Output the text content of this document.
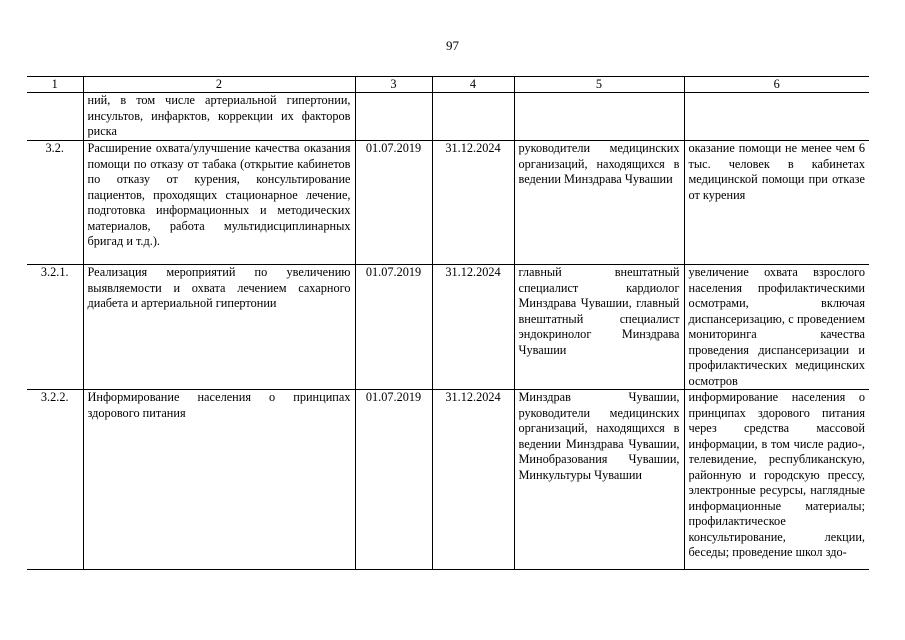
97
1	2	3	4	5	6
	ний, в том числе артериальной гипертонии, инсультов, инфарктов, коррекции их факторов риска				
3.2.	Расширение охвата/улучшение качества оказания помощи по отказу от табака (открытие кабинетов по отказу от курения, консультирование пациентов, проходящих стационарное лечение, подготовка информационных и методических материалов, работа мультидисциплинарных бригад и т.д.).	01.07.2019	31.12.2024	руководители медицинских организаций, находящихся в ведении Минздрава Чувашии	оказание помощи не менее чем 6 тыс. человек в кабинетах медицинской помощи при отказе от курения
3.2.1.	Реализация мероприятий по увеличению выявляемости и охвата лечением сахарного диабета и артериальной гипертонии	01.07.2019	31.12.2024	главный внештатный специалист кардиолог Минздрава Чувашии, главный внештатный специалист эндокринолог Минздрава Чувашии	увеличение охвата взрослого населения профилактическими осмотрами, включая диспансеризацию, с проведением мониторинга качества проведения диспансеризации и профилактических медицинских осмотров

3.2.2.	Информирование населения о принципах здорового питания	01.07.2019	31.12.2024	Минздрав Чувашии, руководители медицинских организаций, находящихся в ведении Минздрава Чувашии, Минобразования Чувашии, Минкультуры Чувашии	информирование населения о принципах здорового питания через средства массовой информации, в том числе радио-, телевидение, республиканскую, районную и городскую прессу, электронные ресурсы, наглядные информационные материалы; профилактическое консультирование, лекции, беседы; проведение школ здо-
